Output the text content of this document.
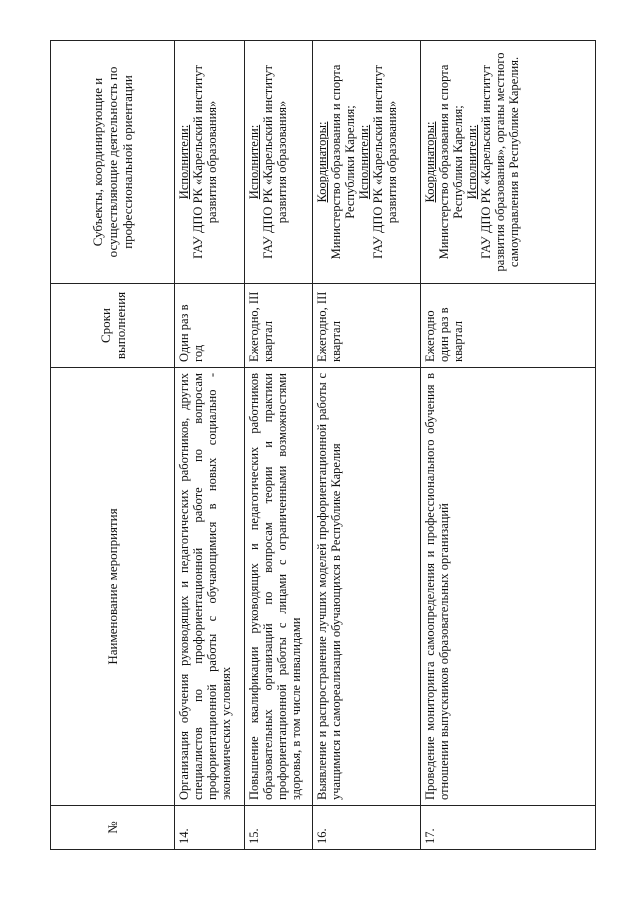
№	Наименование мероприятия	Сроки выполнения	Субъекты, координирующие и осуществляющие деятельность по профессиональной ориентации
14.	Организация обучения руководящих и педагогических работников, других специалистов по профориентационной работе по вопросам профориентационной работы с обучающимися в новых социально - экономических условиях	Один раз в год	Исполнители: ГАУ ДПО РК «Карельский институт развития образования»

15.	Повышение квалификации руководящих и педагогических работников образовательных организаций по вопросам теории и практики профориентационной работы с лицами с ограниченными возможностями здоровья, в том числе инвалидами	Ежегодно, III квартал	Исполнители: ГАУ ДПО РК «Карельский институт развития образования»

16.	Выявление и распространение лучших моделей профориентационной работы с учащимися и самореализации обучающихся в Республике Карелия	Ежегодно, III квартал	Координаторы: Министерство образования и спорта Республики Карелия; Исполнители: ГАУ ДПО РК «Карельский институт развития образования»

17.	Проведение мониторинга самоопределения и профессионального обучения в отношении выпускников образовательных организаций	Ежегодно один раз в квартал	Координаторы: Министерство образования и спорта Республики Карелия; Исполнители: ГАУ ДПО РК «Карельский институт развития образования», органы местного самоуправления в Республике Карелия.
